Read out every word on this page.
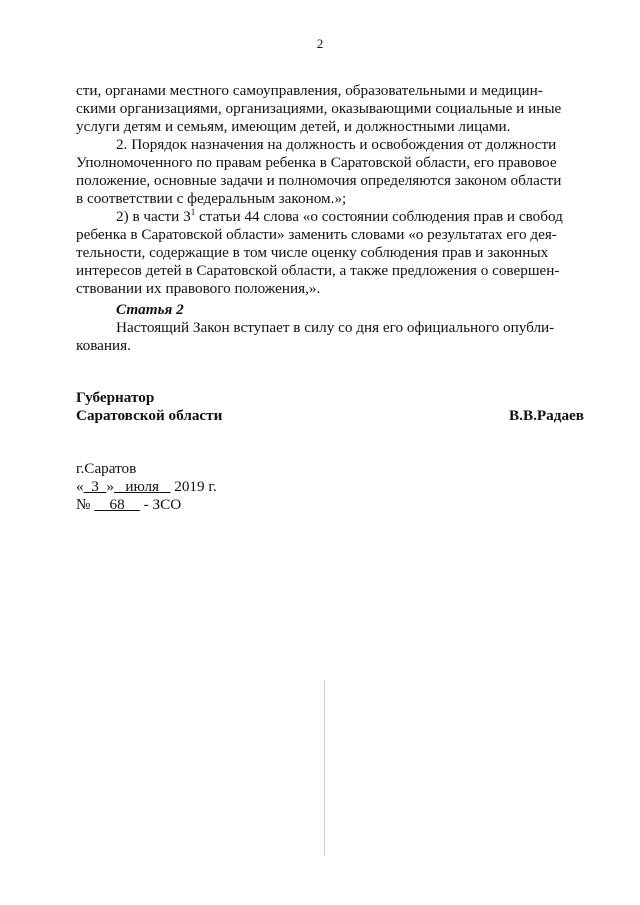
2

сти, органами местного самоуправления, образовательными и медицин-

скими организациями, организациями, оказывающими социальные и иные

услуги детям и семьям, имеющим детей, и должностными лицами.

2. Порядок назначения на должность и освобождения от должности

Уполномоченного по правам ребенка в Саратовской области, его правовое

положение, основные задачи и полномочия определяются законом области

в соответствии с федеральным законом.»;

2) в части $3^1$ статьи 44 слова «о состоянии соблюдения прав и свобод

ребенка в Саратовской области» заменить словами «о результатах его дея-

тельности, содержащие в том числе оценку соблюдения прав и законных

интересов детей в Саратовской области, а также предложения о совершен-

ствовании их правового положения,».

Статья 2

Настоящий Закон вступает в силу со дня его официального опубли-

кования.

Губернатор
Саратовской области	В.В.Радаев
г.Саратов
«  3  »   июля    2019 г.
№     68     - ЗСО
